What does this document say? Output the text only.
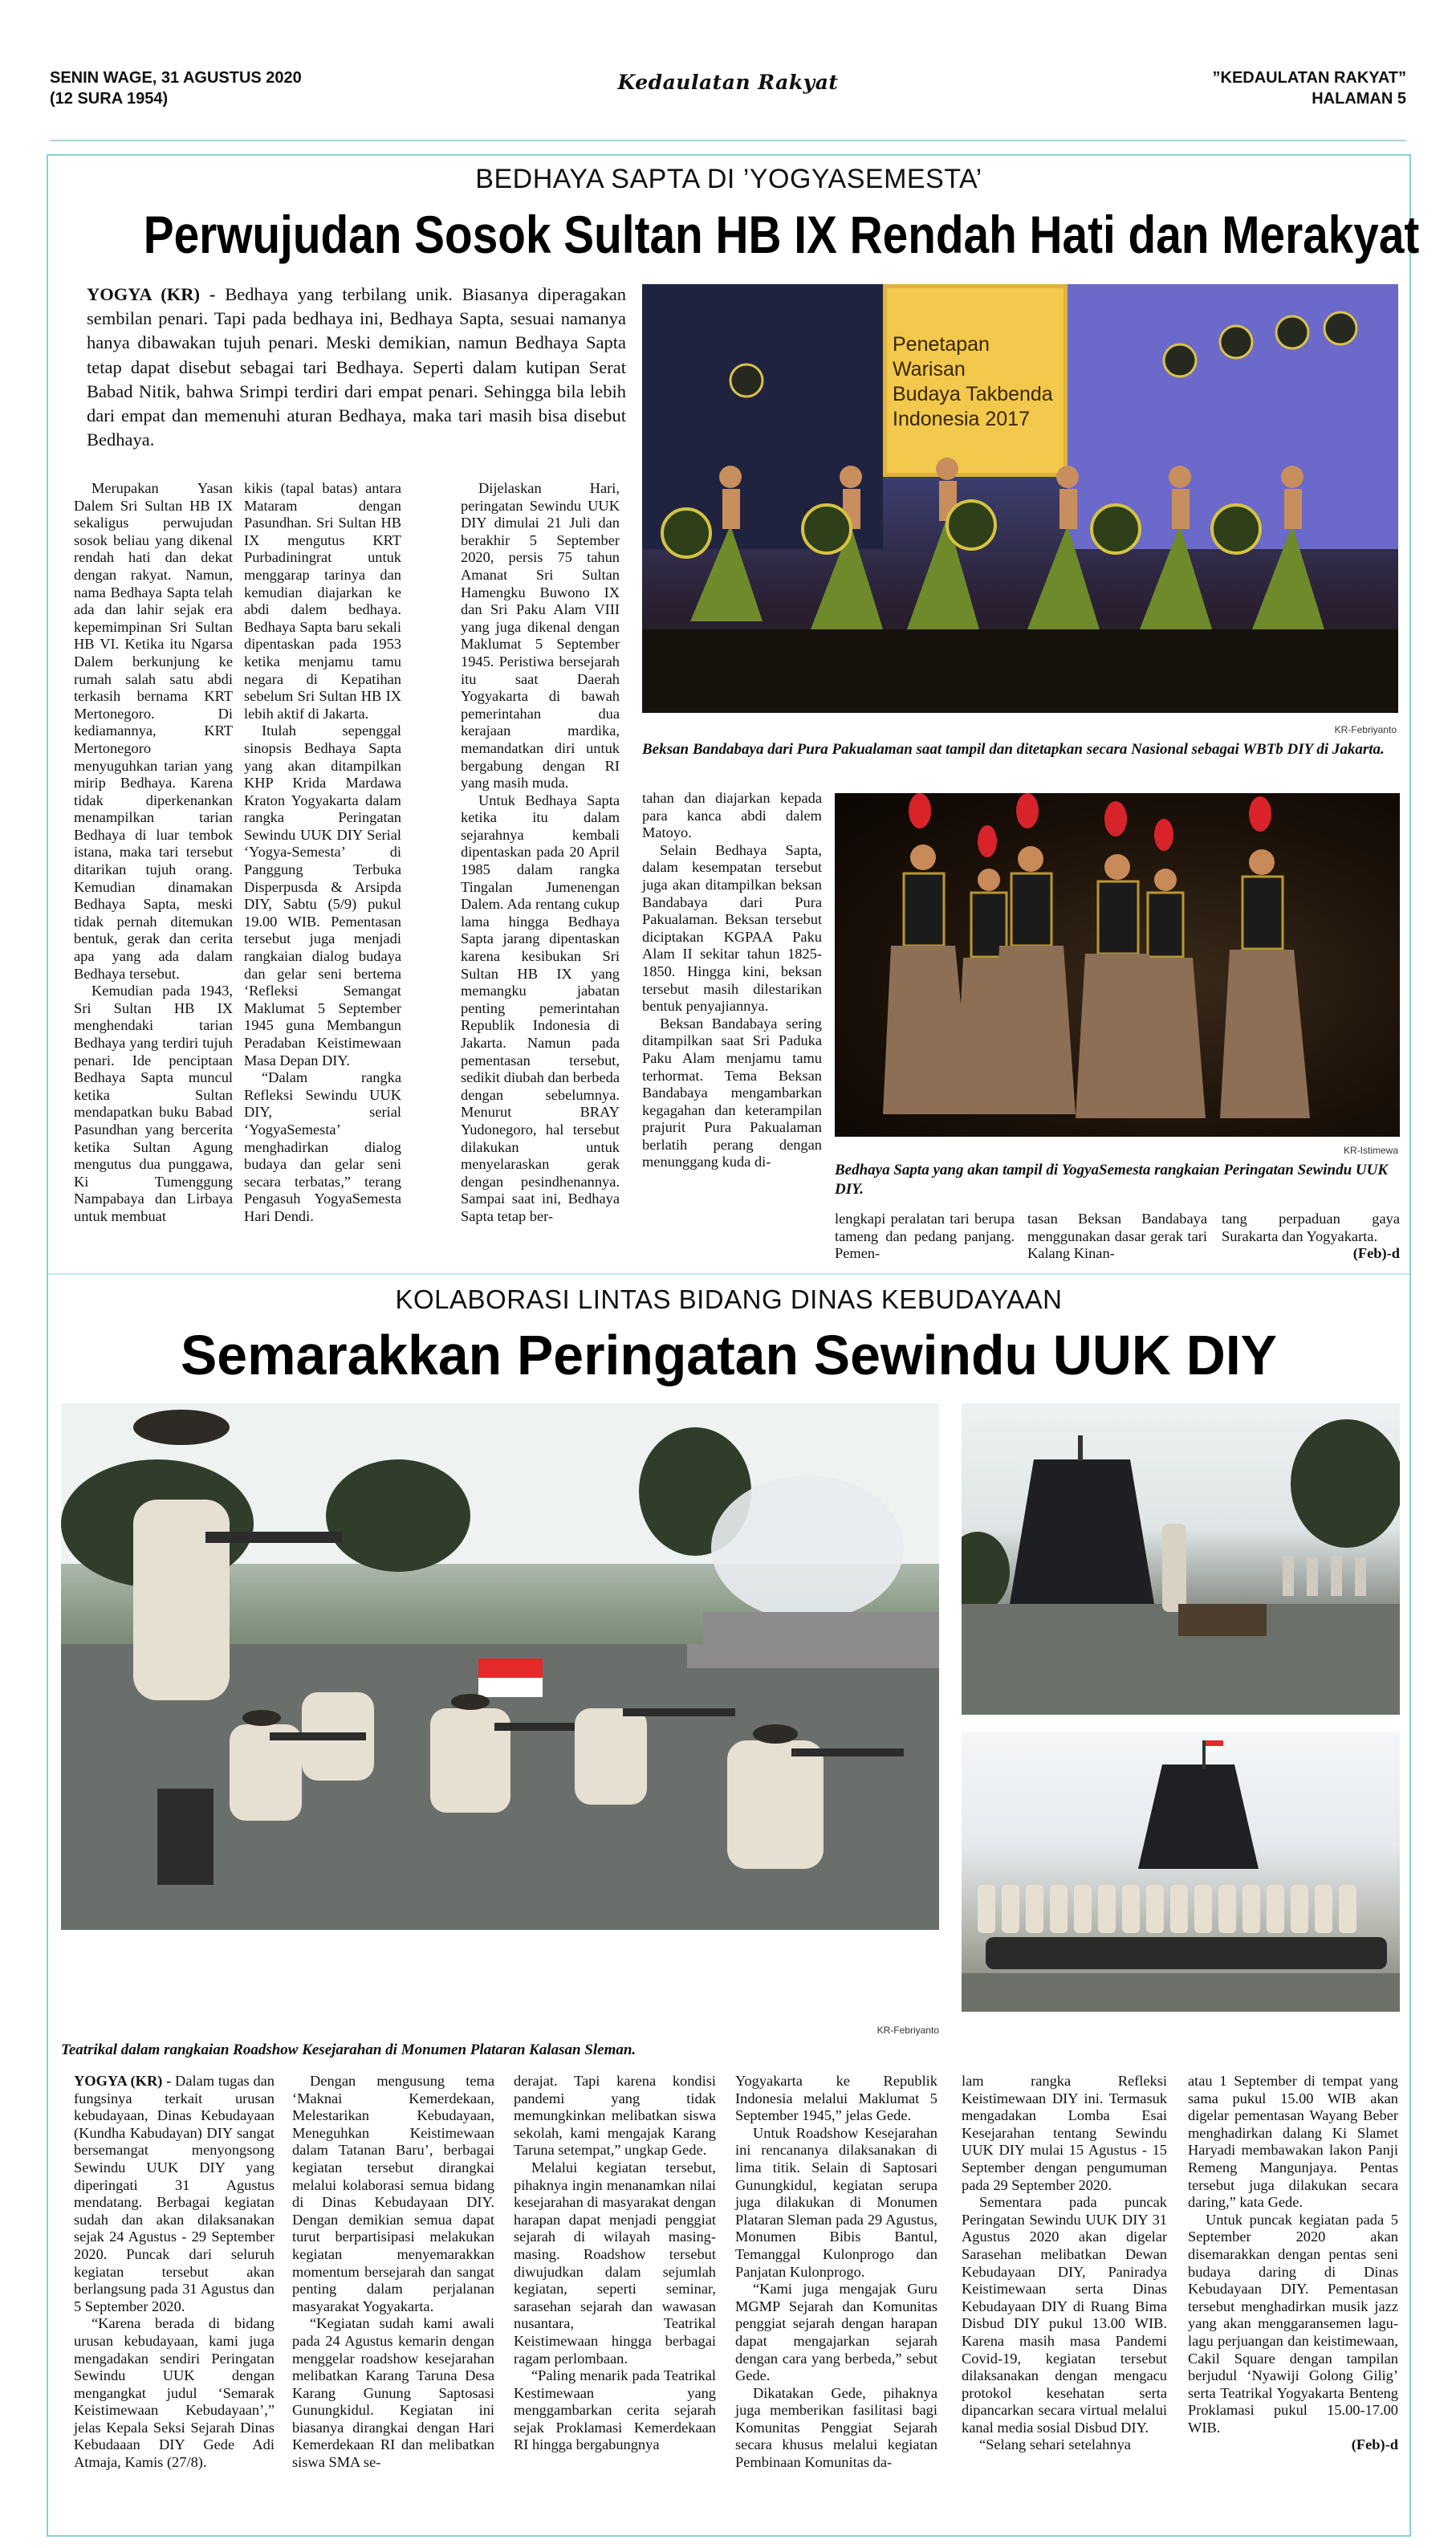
SENIN WAGE, 31 AGUSTUS 2020
(12 SURA 1954)
Kedaulatan Rakyat	”KEDAULATAN RAKYAT”
HALAMAN 5
BEDHAYA SAPTA DI ’YOGYASEMESTA’
Perwujudan Sosok Sultan HB IX Rendah Hati dan Merakyat
YOGYA (KR) - Bedhaya yang terbilang unik. Biasanya diperagakan sembilan penari. Tapi pada bedhaya ini, Bedhaya Sapta, sesuai namanya hanya dibawakan tujuh penari. Meski demikian, namun Bedhaya Sapta tetap dapat disebut sebagai tari Bedhaya. Seperti dalam kutipan Serat Babad Nitik, bahwa Srimpi terdiri dari empat penari. Sehingga bila lebih dari empat dan memenuhi aturan Bedhaya, maka tari masih bisa disebut Bedhaya.

Merupakan Yasan Dalem Sri Sultan HB IX sekaligus perwujudan sosok beliau yang dikenal rendah hati dan dekat dengan rakyat. Namun, nama Bedhaya Sapta telah ada dan lahir sejak era kepemimpinan Sri Sultan HB VI. Ketika itu Ngarsa Dalem berkunjung ke rumah salah satu abdi terkasih bernama KRT Mertonegoro. Di kediamannya, KRT Mertonegoro menyuguhkan tarian yang mirip Bedhaya. Karena tidak diperkenankan menampilkan tarian Bedhaya di luar tembok istana, maka tari tersebut ditarikan tujuh orang. Kemudian dinamakan Bedhaya Sapta, meski tidak pernah ditemukan bentuk, gerak dan cerita apa yang ada dalam Bedhaya tersebut.

Kemudian pada 1943, Sri Sultan HB IX menghendaki tarian Bedhaya yang terdiri tujuh penari. Ide penciptaan Bedhaya Sapta muncul ketika Sultan mendapatkan buku Babad Pasundhan yang bercerita ketika Sultan Agung mengutus dua punggawa, Ki Tumenggung Nampabaya dan Lirbaya untuk membuat

kikis (tapal batas) antara Mataram dengan Pasundhan. Sri Sultan HB IX mengutus KRT Purbadiningrat untuk menggarap tarinya dan kemudian diajarkan ke abdi dalem bedhaya. Bedhaya Sapta baru sekali dipentaskan pada 1953 ketika menjamu tamu negara di Kepatihan sebelum Sri Sultan HB IX lebih aktif di Jakarta.

Itulah sepenggal sinopsis Bedhaya Sapta yang akan ditampilkan KHP Krida Mardawa Kraton Yogyakarta dalam rangka Peringatan Sewindu UUK DIY Serial ‘Yogya-Semesta’ di Panggung Terbuka Disperpusda & Arsipda DIY, Sabtu (5/9) pukul 19.00 WIB. Pementasan tersebut juga menjadi rangkaian dialog budaya dan gelar seni bertema ‘Refleksi Semangat Maklumat 5 September 1945 guna Membangun Peradaban Keistimewaan Masa Depan DIY.

“Dalam rangka Refleksi Sewindu UUK DIY, serial ‘YogyaSemesta’ menghadirkan dialog budaya dan gelar seni secara terbatas,” terang Pengasuh YogyaSemesta Hari Dendi.

Dijelaskan Hari, peringatan Sewindu UUK DIY dimulai 21 Juli dan berakhir 5 September 2020, persis 75 tahun Amanat Sri Sultan Hamengku Buwono IX dan Sri Paku Alam VIII yang juga dikenal dengan Maklumat 5 September 1945. Peristiwa bersejarah itu saat Daerah Yogyakarta di bawah pemerintahan dua kerajaan mardika, memandatkan diri untuk bergabung dengan RI yang masih muda.

Untuk Bedhaya Sapta ketika itu dalam sejarahnya kembali dipentaskan pada 20 April 1985 dalam rangka Tingalan Jumenengan Dalem. Ada rentang cukup lama hingga Bedhaya Sapta jarang dipentaskan karena kesibukan Sri Sultan HB IX yang memangku jabatan penting pemerintahan Republik Indonesia di Jakarta. Namun pada pementasan tersebut, sedikit diubah dan berbeda dengan sebelumnya. Menurut BRAY Yudonegoro, hal tersebut dilakukan untuk menyelaraskan gerak dengan pesindhenannya. Sampai saat ini, Bedhaya Sapta tetap ber-

tahan dan diajarkan kepada para kanca abdi dalem Matoyo.

Selain Bedhaya Sapta, dalam kesempatan tersebut juga akan ditampilkan beksan Bandabaya dari Pura Pakualaman. Beksan tersebut diciptakan KGPAA Paku Alam II sekitar tahun 1825-1850. Hingga kini, beksan tersebut masih dilestarikan bentuk penyajiannya.

Beksan Bandabaya sering ditampilkan saat Sri Paduka Paku Alam menjamu tamu terhormat. Tema Beksan Bandabaya mengambarkan kegagahan dan keterampilan prajurit Pura Pakualaman berlatih perang dengan menunggang kuda di-

Penetapan Warisan
Budaya Takbenda
Indonesia 2017
KR-Febriyanto
Beksan Bandabaya dari Pura Pakualaman saat tampil dan ditetapkan secara Nasional sebagai WBTb DIY di Jakarta.
KR-Istimewa
Bedhaya Sapta yang akan tampil di YogyaSemesta rangkaian Peringatan Sewindu UUK DIY.

lengkapi peralatan tari berupa tameng dan pedang panjang. Pemen-

tasan Beksan Bandabaya menggunakan dasar gerak tari Kalang Kinan-

tang perpaduan gaya Surakarta dan Yogyakarta.

(Feb)-d

KOLABORASI LINTAS BIDANG DINAS KEBUDAYAAN
Semarakkan Peringatan Sewindu UUK DIY
KR-Febriyanto
Teatrikal dalam rangkaian Roadshow Kesejarahan di Monumen Plataran Kalasan Sleman.

YOGYA (KR) - Dalam tugas dan fungsinya terkait urusan kebudayaan, Dinas Kebudayaan (Kundha Kabudayan) DIY sangat bersemangat menyongsong Sewindu UUK DIY yang diperingati 31 Agustus mendatang. Berbagai kegiatan sudah dan akan dilaksanakan sejak 24 Agustus - 29 September 2020. Puncak dari seluruh kegiatan tersebut akan berlangsung pada 31 Agustus dan 5 September 2020.

“Karena berada di bidang urusan kebudayaan, kami juga mengadakan sendiri Peringatan Sewindu UUK dengan mengangkat judul ‘Semarak Keistimewaan Kebudayaan’,” jelas Kepala Seksi Sejarah Dinas Kebudaaan DIY Gede Adi Atmaja, Kamis (27/8).

Dengan mengusung tema ‘Maknai Kemerdekaan, Melestarikan Kebudayaan, Meneguhkan Keistimewaan dalam Tatanan Baru’, berbagai kegiatan tersebut dirangkai melalui kolaborasi semua bidang di Dinas Kebudayaan DIY. Dengan demikian semua dapat turut berpartisipasi melakukan kegiatan menyemarakkan momentum bersejarah dan sangat penting dalam perjalanan masyarakat Yogyakarta.

“Kegiatan sudah kami awali pada 24 Agustus kemarin dengan menggelar roadshow kesejarahan melibatkan Karang Taruna Desa Karang Gunung Saptosasi Gunungkidul. Kegiatan ini biasanya dirangkai dengan Hari Kemerdekaan RI dan melibatkan siswa SMA se-

derajat. Tapi karena kondisi pandemi yang tidak memungkinkan melibatkan siswa sekolah, kami mengajak Karang Taruna setempat,” ungkap Gede.

Melalui kegiatan tersebut, pihaknya ingin menanamkan nilai kesejarahan di masyarakat dengan harapan dapat menjadi penggiat sejarah di wilayah masing-masing. Roadshow tersebut diwujudkan dalam sejumlah kegiatan, seperti seminar, sarasehan sejarah dan wawasan nusantara, Teatrikal Keistimewaan hingga berbagai ragam perlombaan.

“Paling menarik pada Teatrikal Kestimewaan yang menggambarkan cerita sejarah sejak Proklamasi Kemerdekaan RI hingga bergabungnya

Yogyakarta ke Republik Indonesia melalui Maklumat 5 September 1945,” jelas Gede.

Untuk Roadshow Kesejarahan ini rencananya dilaksanakan di lima titik. Selain di Saptosari Gunungkidul, kegiatan serupa juga dilakukan di Monumen Plataran Sleman pada 29 Agustus, Monumen Bibis Bantul, Temanggal Kulonprogo dan Panjatan Kulonprogo.

“Kami juga mengajak Guru MGMP Sejarah dan Komunitas penggiat sejarah dengan harapan dapat mengajarkan sejarah dengan cara yang berbeda,” sebut Gede.

Dikatakan Gede, pihaknya juga memberikan fasilitasi bagi Komunitas Penggiat Sejarah secara khusus melalui kegiatan Pembinaan Komunitas da-

lam rangka Refleksi Keistimewaan DIY ini. Termasuk mengadakan Lomba Esai Kesejarahan tentang Sewindu UUK DIY mulai 15 Agustus - 15 September dengan pengumuman pada 29 September 2020.

Sementara pada puncak Peringatan Sewindu UUK DIY 31 Agustus 2020 akan digelar Sarasehan melibatkan Dewan Kebudayaan DIY, Paniradya Keistimewaan serta Dinas Kebudayaan DIY di Ruang Bima Disbud DIY pukul 13.00 WIB. Karena masih masa Pandemi Covid-19, kegiatan tersebut dilaksanakan dengan mengacu protokol kesehatan serta dipancarkan secara virtual melalui kanal media sosial Disbud DIY.

“Selang sehari setelahnya

atau 1 September di tempat yang sama pukul 15.00 WIB akan digelar pementasan Wayang Beber menghadirkan dalang Ki Slamet Haryadi membawakan lakon Panji Remeng Mangunjaya. Pentas tersebut juga dilakukan secara daring,” kata Gede.

Untuk puncak kegiatan pada 5 September 2020 akan disemarakkan dengan pentas seni budaya daring di Dinas Kebudayaan DIY. Pementasan tersebut menghadirkan musik jazz yang akan menggaransemen lagu-lagu perjuangan dan keistimewaan, Cakil Square dengan tampilan berjudul ‘Nyawiji Golong Gilig’ serta Teatrikal Yogyakarta Benteng Proklamasi pukul 15.00-17.00 WIB.

(Feb)-d
